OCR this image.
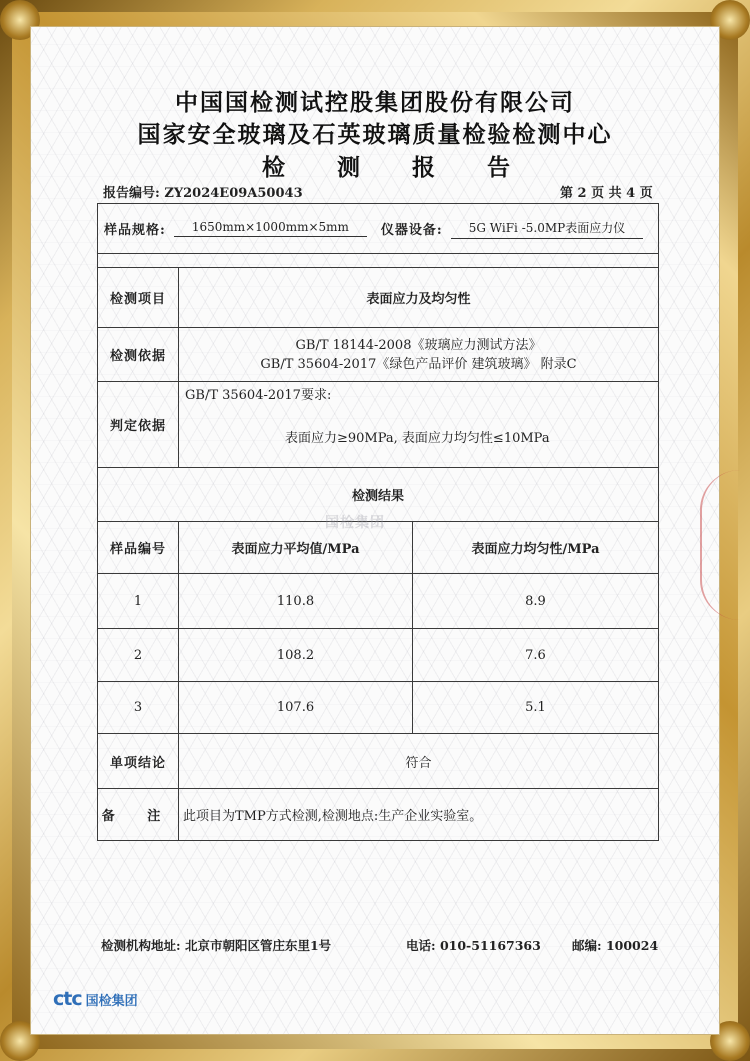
中国国检测试控股集团股份有限公司
国家安全玻璃及石英玻璃质量检验检测中心
检 测 报 告
报告编号: ZY2024E09A50043	第 2 页 共 4 页
样品规格: 1650mm×1000mm×5mm 仪器设备: 5G WiFi -5.0MP表面应力仪		

检测项目	表面应力及均匀性	
检测依据	GB/T 18144-2008《玻璃应力测试方法》
GB/T 35604-2017《绿色产品评价 建筑玻璃》 附录C	

判定依据	GB/T 35604-2017要求:
表面应力≥90MPa, 表面应力均匀性≤10MPa	

检测结果		
样品编号	表面应力平均值/MPa	表面应力均匀性/MPa
1	110.8	8.9
2	108.2	7.6
3	107.6	5.1
单项结论	符合	
备 注	此项目为TMP方式检测,检测地点:生产企业实验室。	
国检集团
检测机构地址: 北京市朝阳区管庄东里1号	电话: 010-51167363 邮编: 100024
ctc 国检集团
